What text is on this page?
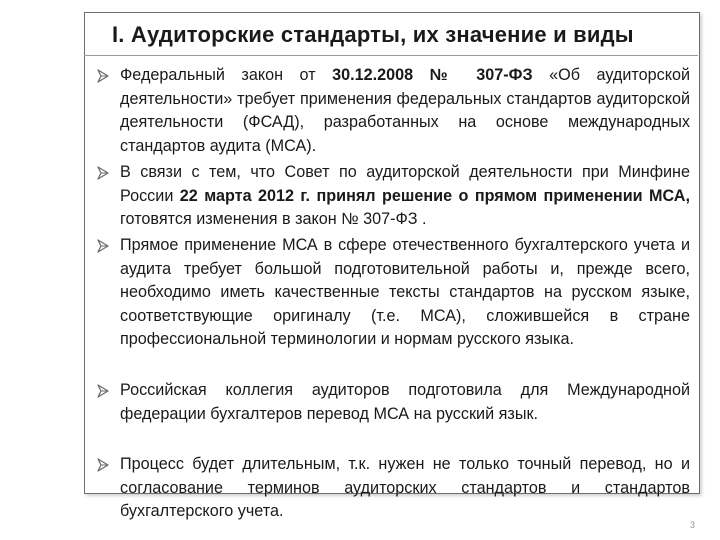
I. Аудиторские стандарты, их значение и виды
Федеральный закон от 30.12.2008 № 307-ФЗ «Об аудиторской деятельности» требует применения федеральных стандартов аудиторской деятельности (ФСАД), разработанных на основе международных стандартов аудита (МСА).
В связи с тем, что Совет по аудиторской деятельности при Минфине России 22 марта 2012 г. принял решение о прямом применении МСА, готовятся изменения в закон № 307-ФЗ .
Прямое применение МСА в сфере отечественного бухгалтерского учета и аудита требует большой подготовительной работы и, прежде всего, необходимо иметь качественные тексты стандартов на русском языке, соответствующие оригиналу (т.е. МСА), сложившейся в стране профессиональной терминологии и нормам русского языка.
Российская коллегия аудиторов подготовила для Международной федерации бухгалтеров перевод МСА на русский язык.
Процесс будет длительным, т.к. нужен не только точный перевод, но и согласование терминов аудиторских стандартов и стандартов бухгалтерского учета.
3
